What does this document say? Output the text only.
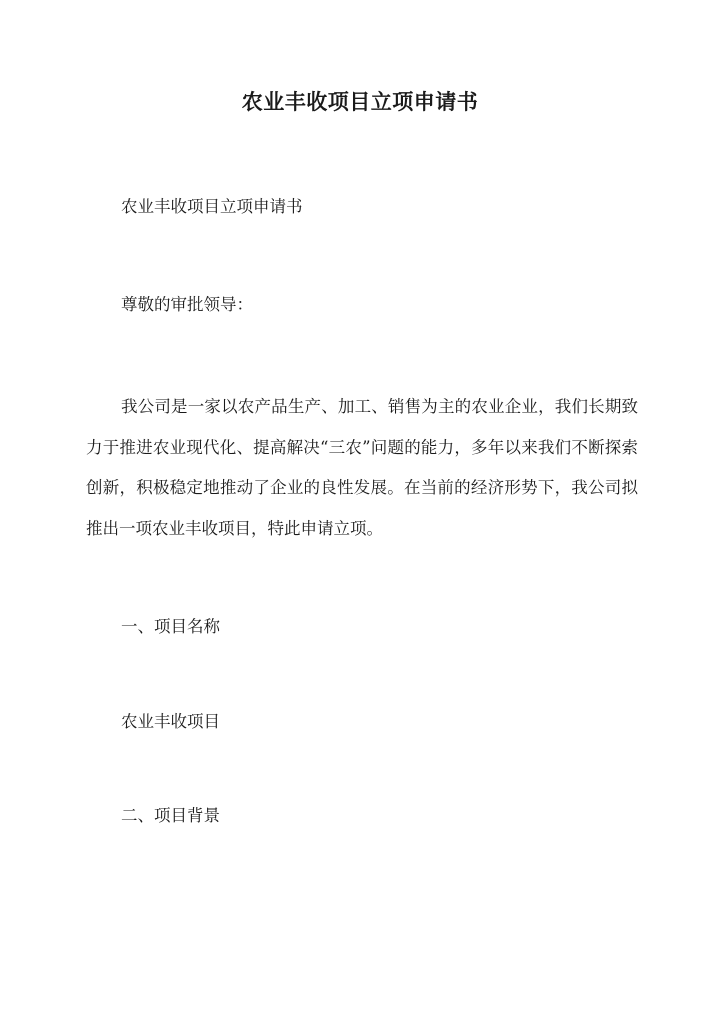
农业丰收项目立项申请书
农业丰收项目立项申请书
尊敬的审批领导：
我公司是一家以农产品生产、加工、销售为主的农业企业，我们长期致力于推进农业现代化、提高解决“三农”问题的能力，多年以来我们不断探索创新，积极稳定地推动了企业的良性发展。在当前的经济形势下，我公司拟推出一项农业丰收项目，特此申请立项。
一、项目名称
农业丰收项目
二、项目背景
